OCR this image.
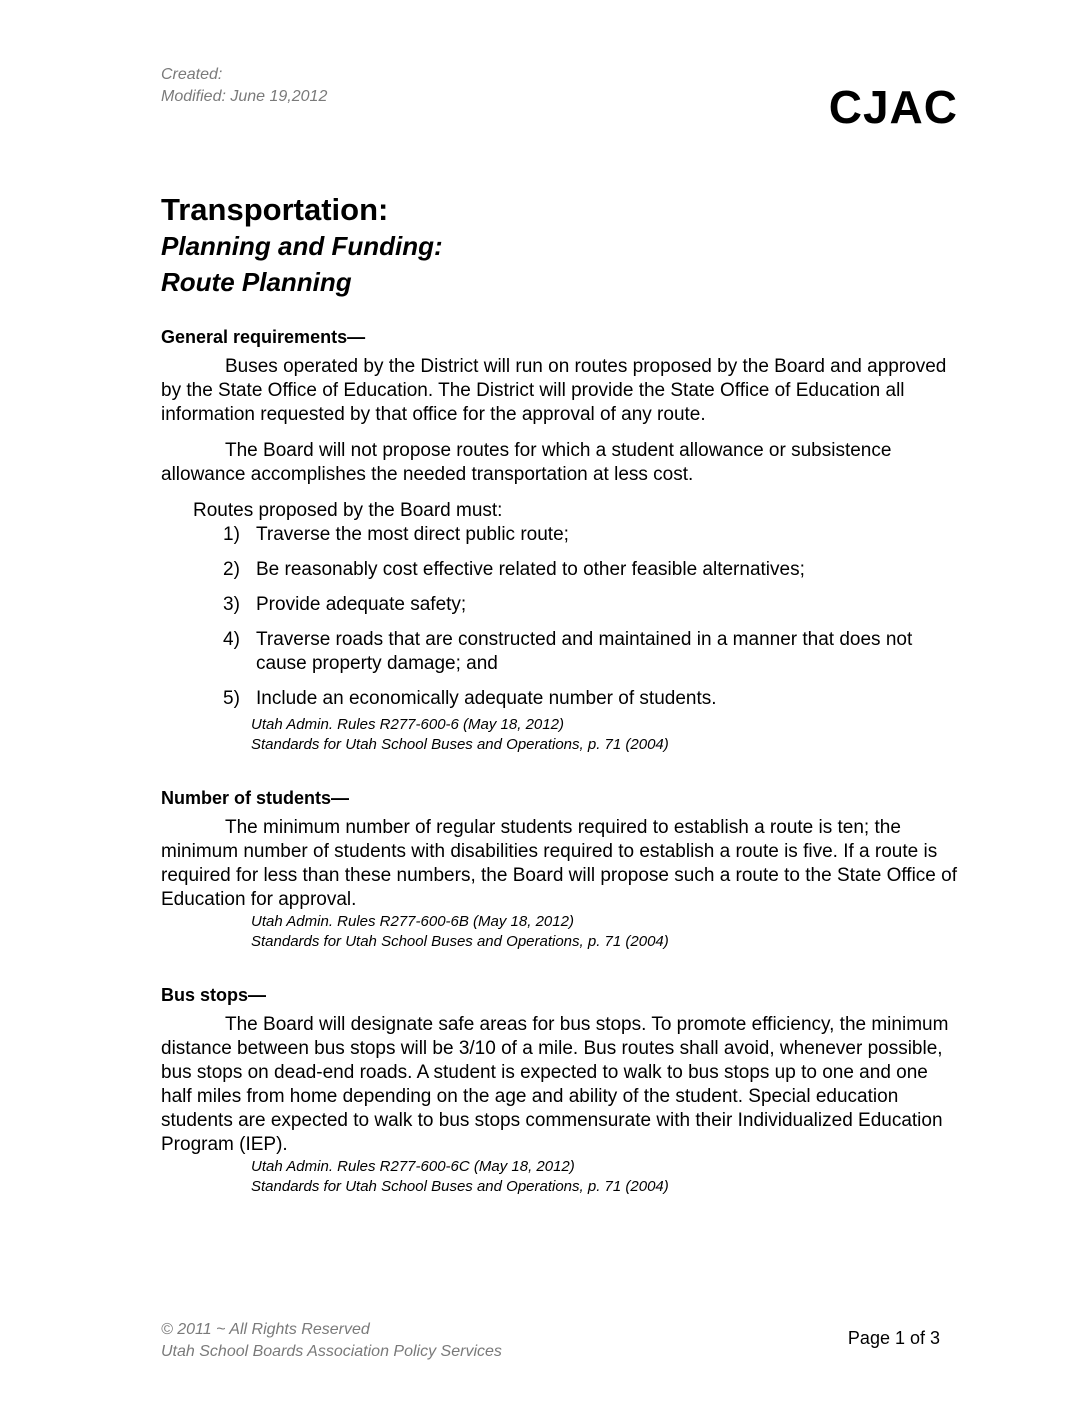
Created:
Modified: June 19,2012	CJAC
Transportation:
Planning and Funding:
Route Planning
General requirements—

Buses operated by the District will run on routes proposed by the Board and approved by the State Office of Education. The District will provide the State Office of Education all information requested by that office for the approval of any route.

The Board will not propose routes for which a student allowance or subsistence allowance accomplishes the needed transportation at less cost.

Routes proposed by the Board must:

1) Traverse the most direct public route;
2) Be reasonably cost effective related to other feasible alternatives;
3) Provide adequate safety;
4) Traverse roads that are constructed and maintained in a manner that does not cause property damage; and
5) Include an economically adequate number of students.
Utah Admin. Rules R277-600-6 (May 18, 2012)
Standards for Utah School Buses and Operations, p. 71 (2004)
Number of students—

The minimum number of regular students required to establish a route is ten; the minimum number of students with disabilities required to establish a route is five. If a route is required for less than these numbers, the Board will propose such a route to the State Office of Education for approval.

Utah Admin. Rules R277-600-6B (May 18, 2012)
Standards for Utah School Buses and Operations, p. 71 (2004)
Bus stops—

The Board will designate safe areas for bus stops. To promote efficiency, the minimum distance between bus stops will be 3/10 of a mile. Bus routes shall avoid, whenever possible, bus stops on dead-end roads. A student is expected to walk to bus stops up to one and one half miles from home depending on the age and ability of the student. Special education students are expected to walk to bus stops commensurate with their Individualized Education Program (IEP).

Utah Admin. Rules R277-600-6C (May 18, 2012)
Standards for Utah School Buses and Operations, p. 71 (2004)
© 2011 ~ All Rights Reserved
Utah School Boards Association Policy Services
Page 1 of 3
